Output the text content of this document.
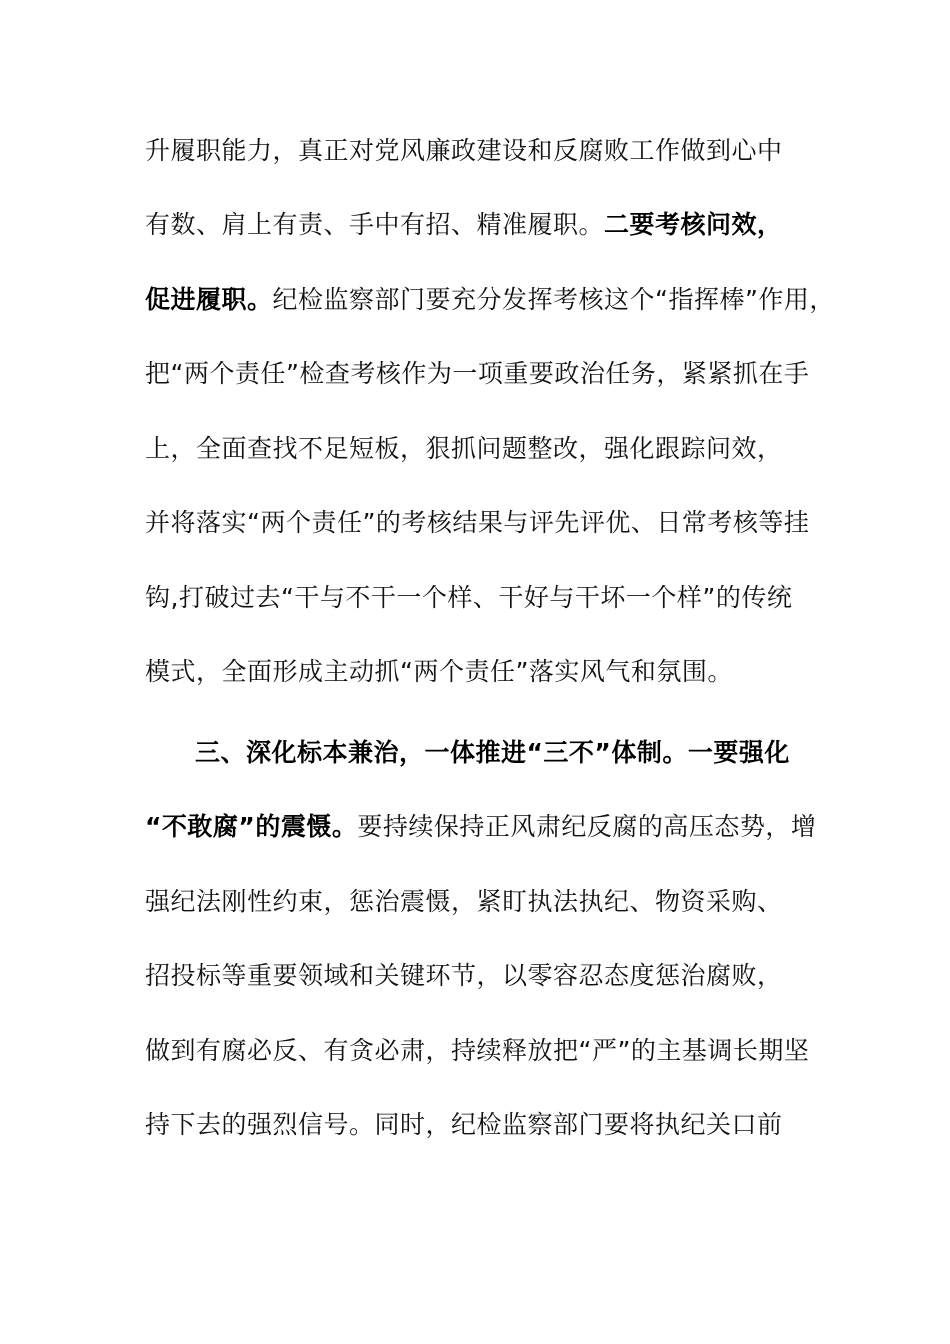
升履职能力，真正对党风廉政建设和反腐败工作做到心中
有数、肩上有责、手中有招、精准履职。二要考核问效，
促进履职。纪检监察部门要充分发挥考核这个“指挥棒”作用，
把“两个责任”检查考核作为一项重要政治任务，紧紧抓在手
上，全面查找不足短板，狠抓问题整改，强化跟踪问效，
并将落实“两个责任”的考核结果与评先评优、日常考核等挂
钩,打破过去“干与不干一个样、干好与干坏一个样”的传统
模式，全面形成主动抓“两个责任”落实风气和氛围。
三、深化标本兼治，一体推进“三不”体制。一要强化
“不敢腐”的震慑。要持续保持正风肃纪反腐的高压态势，增
强纪法刚性约束，惩治震慑，紧盯执法执纪、物资采购、
招投标等重要领域和关键环节，以零容忍态度惩治腐败，
做到有腐必反、有贪必肃，持续释放把“严”的主基调长期坚
持下去的强烈信号。同时，纪检监察部门要将执纪关口前
